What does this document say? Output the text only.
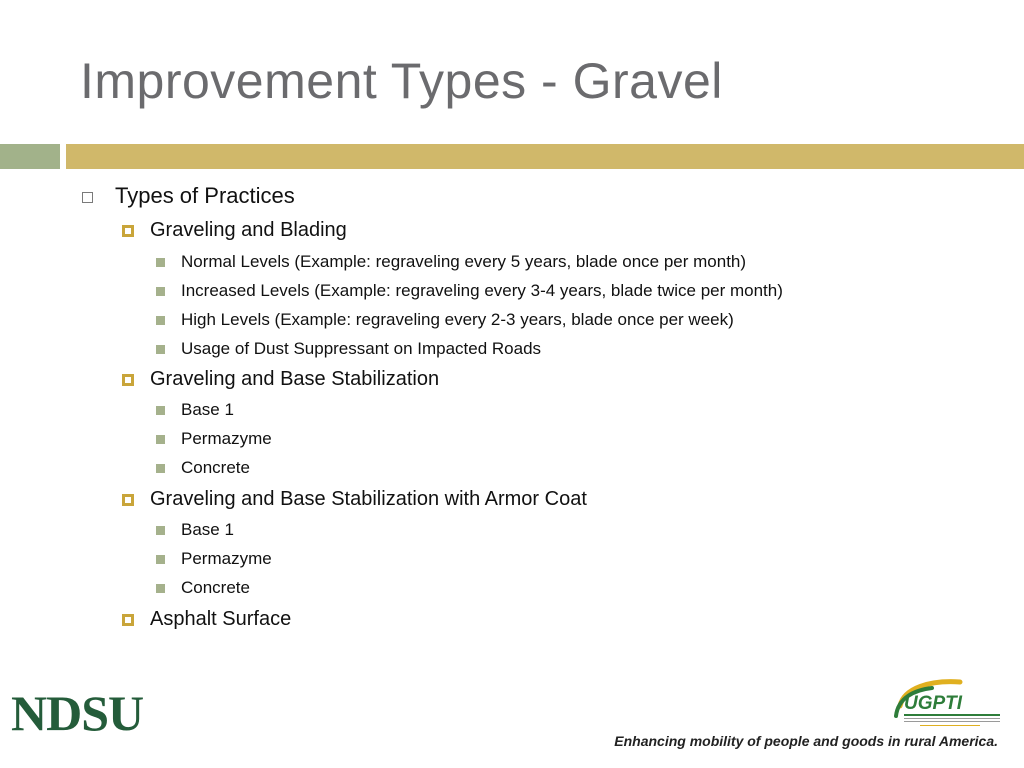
Improvement Types - Gravel
Types of Practices
Graveling and Blading
Normal Levels (Example: regraveling every 5 years, blade once per month)
Increased Levels (Example: regraveling every 3-4 years, blade twice per month)
High Levels (Example: regraveling every 2-3 years, blade once per week)
Usage of Dust Suppressant on Impacted Roads
Graveling and Base Stabilization
Base 1
Permazyme
Concrete
Graveling and Base Stabilization with Armor Coat
Base 1
Permazyme
Concrete
Asphalt Surface
NDSU	UGPTI
Enhancing mobility of people and goods in rural America.
